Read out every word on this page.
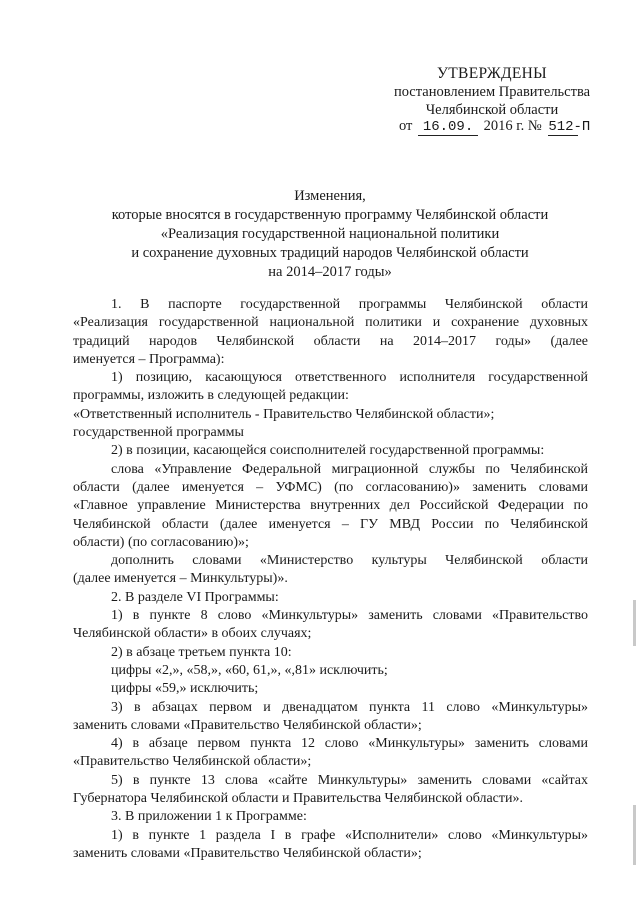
УТВЕРЖДЕНЫ
постановлением Правительства
Челябинской области
от 16.09. 2016 г. № 512-П
Изменения,
которые вносятся в государственную программу Челябинской области
«Реализация государственной национальной политики
и сохранение духовных традиций народов Челябинской области
на 2014–2017 годы»
1. В паспорте государственной программы Челябинской области
«Реализация государственной национальной политики и сохранение духовных
традиций народов Челябинской области на 2014–2017 годы» (далее
именуется – Программа):
1) позицию, касающуюся ответственного исполнителя государственной
программы, изложить в следующей редакции:
«Ответственный исполнитель - Правительство Челябинской области»;
государственной программы
2) в позиции, касающейся соисполнителей государственной программы:
слова «Управление Федеральной миграционной службы по Челябинской
области (далее именуется – УФМС) (по согласованию)» заменить словами
«Главное управление Министерства внутренних дел Российской Федерации по
Челябинской области (далее именуется – ГУ МВД России по Челябинской
области) (по согласованию)»;
дополнить словами «Министерство культуры Челябинской области
(далее именуется – Минкультуры)».
2. В разделе VI Программы:
1) в пункте 8 слово «Минкультуры» заменить словами «Правительство
Челябинской области» в обоих случаях;
2) в абзаце третьем пункта 10:
цифры «2,», «58,», «60, 61,», «,81» исключить;
цифры «59,» исключить;
3) в абзацах первом и двенадцатом пункта 11 слово «Минкультуры»
заменить словами «Правительство Челябинской области»;
4) в абзаце первом пункта 12 слово «Минкультуры» заменить словами
«Правительство Челябинской области»;
5) в пункте 13 слова «сайте Минкультуры» заменить словами «сайтах
Губернатора Челябинской области и Правительства Челябинской области».
3. В приложении 1 к Программе:
1) в пункте 1 раздела I в графе «Исполнители» слово «Минкультуры»
заменить словами «Правительство Челябинской области»;
